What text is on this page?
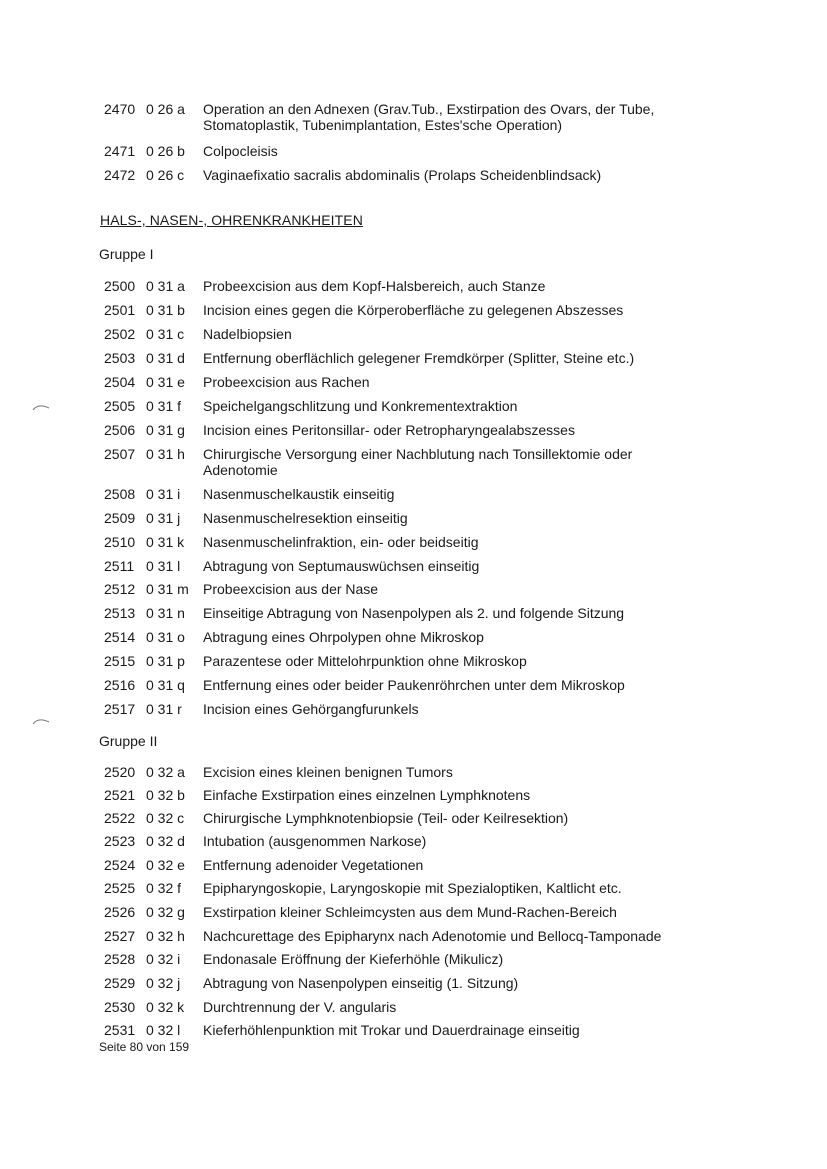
2470 0 26 a	Operation an den Adnexen (Grav.Tub., Exstirpation des Ovars, der Tube,
Stomatoplastik, Tubenimplantation, Estes'sche Operation)
2471 0 26 b	Colpocleisis
2472 0 26 c	Vaginaefixatio sacralis abdominalis (Prolaps Scheidenblindsack)
HALS-, NASEN-, OHRENKRANKHEITEN
Gruppe I
2500 0 31 a	Probeexcision aus dem Kopf-Halsbereich, auch Stanze
2501 0 31 b	Incision eines gegen die Körperoberfläche zu gelegenen Abszesses
2502 0 31 c	Nadelbiopsien
2503 0 31 d	Entfernung oberflächlich gelegener Fremdkörper (Splitter, Steine etc.)
2504 0 31 e	Probeexcision aus Rachen
2505 0 31 f	Speichelgangschlitzung und Konkrementextraktion
2506 0 31 g	Incision eines Peritonsillar- oder Retropharyngealabszesses
2507 0 31 h	Chirurgische Versorgung einer Nachblutung nach Tonsillektomie oder
Adenotomie
2508 0 31 i	Nasenmuschelkaustik einseitig
2509 0 31 j	Nasenmuschelresektion einseitig
2510 0 31 k	Nasenmuschelinfraktion, ein- oder beidseitig
2511 0 31 l	Abtragung von Septumauswüchsen einseitig
2512 0 31 m	Probeexcision aus der Nase
2513 0 31 n	Einseitige Abtragung von Nasenpolypen als 2. und folgende Sitzung
2514 0 31 o	Abtragung eines Ohrpolypen ohne Mikroskop
2515 0 31 p	Parazentese oder Mittelohrpunktion ohne Mikroskop
2516 0 31 q	Entfernung eines oder beider Paukenröhrchen unter dem Mikroskop
2517 0 31 r	Incision eines Gehörgangfurunkels
Gruppe II
2520 0 32 a	Excision eines kleinen benignen Tumors
2521 0 32 b	Einfache Exstirpation eines einzelnen Lymphknotens
2522 0 32 c	Chirurgische Lymphknotenbiopsie (Teil- oder Keilresektion)
2523 0 32 d	Intubation (ausgenommen Narkose)
2524 0 32 e	Entfernung adenoider Vegetationen
2525 0 32 f	Epipharyngoskopie, Laryngoskopie mit Spezialoptiken, Kaltlicht etc.
2526 0 32 g	Exstirpation kleiner Schleimcysten aus dem Mund-Rachen-Bereich
2527 0 32 h	Nachcurettage des Epipharynx nach Adenotomie und Bellocq-Tamponade
2528 0 32 i	Endonasale Eröffnung der Kieferhöhle (Mikulicz)
2529 0 32 j	Abtragung von Nasenpolypen einseitig (1. Sitzung)
2530 0 32 k	Durchtrennung der V. angularis
2531 0 32 l	Kieferhöhlenpunktion mit Trokar und Dauerdrainage einseitig
Seite 80 von 159
